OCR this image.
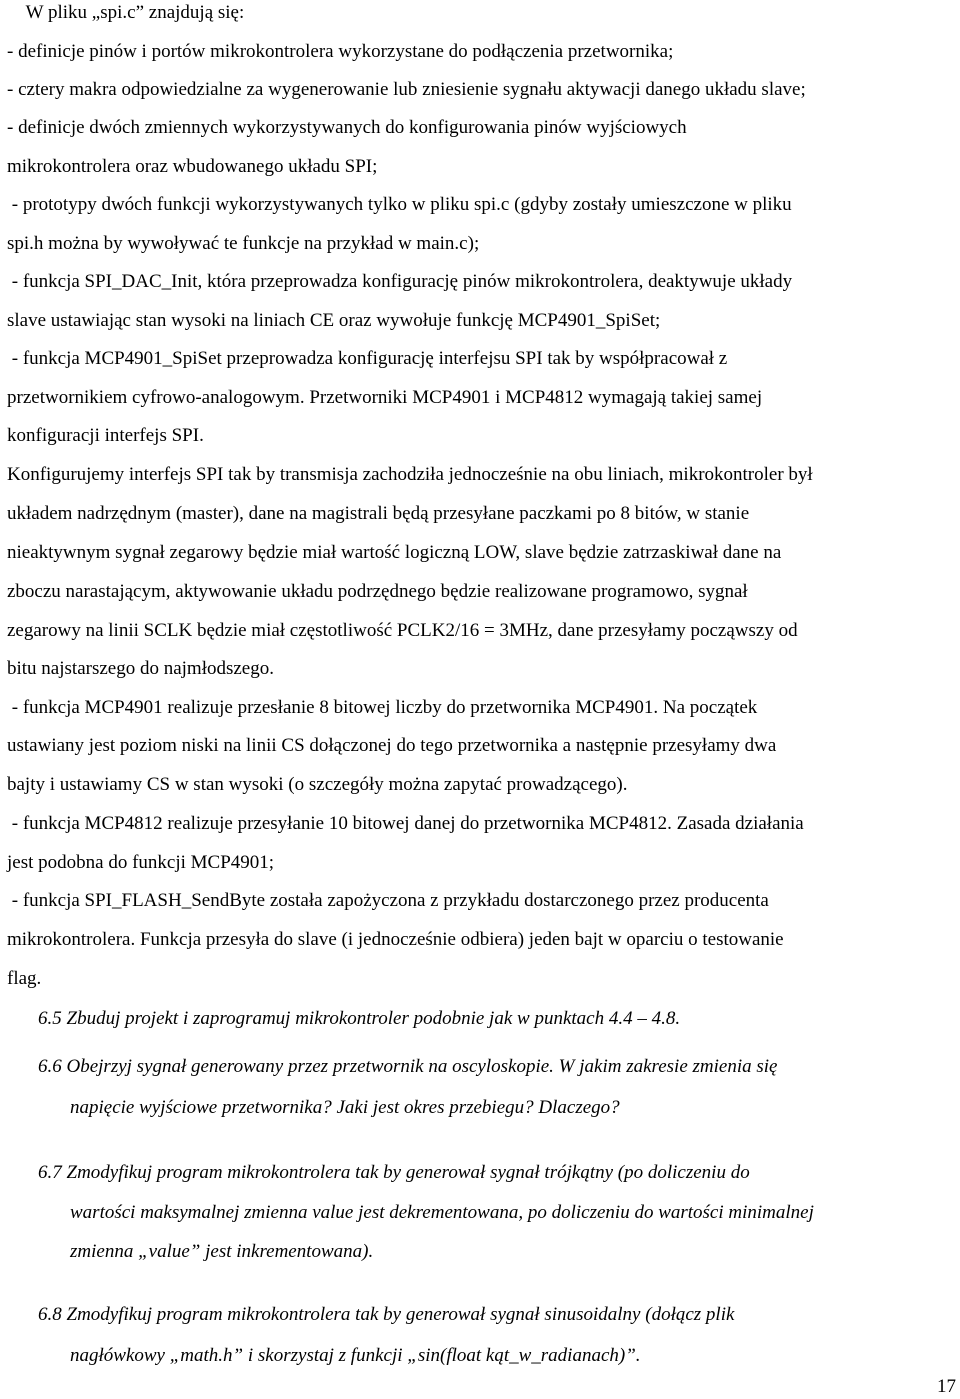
W pliku „spi.c” znajdują się:

- definicje pinów i portów mikrokontrolera wykorzystane do podłączenia przetwornika;

- cztery makra odpowiedzialne za wygenerowanie lub zniesienie sygnału aktywacji danego układu slave;

- definicje dwóch zmiennych wykorzystywanych do konfigurowania pinów wyjściowych

mikrokontrolera oraz wbudowanego układu SPI;

- prototypy dwóch funkcji wykorzystywanych tylko w pliku spi.c (gdyby zostały umieszczone w pliku

spi.h można by wywoływać te funkcje na przykład w main.c);

- funkcja SPI_DAC_Init, która przeprowadza konfigurację pinów mikrokontrolera, deaktywuje układy

slave ustawiając stan wysoki na liniach CE oraz wywołuje funkcję MCP4901_SpiSet;

- funkcja MCP4901_SpiSet przeprowadza konfigurację interfejsu SPI tak by współpracował z

przetwornikiem cyfrowo-analogowym. Przetworniki MCP4901 i MCP4812 wymagają takiej samej

konfiguracji interfejs SPI.

Konfigurujemy interfejs SPI tak by transmisja zachodziła jednocześnie na obu liniach, mikrokontroler był

układem nadrzędnym (master), dane na magistrali będą przesyłane paczkami po 8 bitów, w stanie

nieaktywnym sygnał zegarowy będzie miał wartość logiczną LOW, slave będzie zatrzaskiwał dane na

zboczu narastającym, aktywowanie układu podrzędnego będzie realizowane programowo, sygnał

zegarowy na linii SCLK będzie miał częstotliwość PCLK2/16 = 3MHz, dane przesyłamy począwszy od

bitu najstarszego do najmłodszego.

- funkcja MCP4901 realizuje przesłanie 8 bitowej liczby do przetwornika MCP4901. Na początek

ustawiany jest poziom niski na linii CS dołączonej do tego przetwornika a następnie przesyłamy dwa

bajty i ustawiamy CS w stan wysoki (o szczegóły można zapytać prowadzącego).

- funkcja MCP4812 realizuje przesyłanie 10 bitowej danej do przetwornika MCP4812. Zasada działania

jest podobna do funkcji MCP4901;

- funkcja SPI_FLASH_SendByte została zapożyczona z przykładu dostarczonego przez producenta

mikrokontrolera. Funkcja przesyła do slave (i jednocześnie odbiera) jeden bajt w oparciu o testowanie

flag.

6.5 Zbuduj projekt i zaprogramuj mikrokontroler podobnie jak w punktach 4.4 – 4.8.

6.6 Obejrzyj sygnał generowany przez przetwornik na oscyloskopie. W jakim zakresie zmienia się

napięcie wyjściowe przetwornika? Jaki jest okres przebiegu? Dlaczego?

6.7 Zmodyfikuj program mikrokontrolera tak by generował sygnał trójkątny (po doliczeniu do

wartości maksymalnej zmienna value jest dekrementowana, po doliczeniu do wartości minimalnej

zmienna „value” jest inkrementowana).

6.8 Zmodyfikuj program mikrokontrolera tak by generował sygnał sinusoidalny (dołącz plik

nagłówkowy „math.h” i skorzystaj z funkcji „sin(float kąt_w_radianach)”.

17
